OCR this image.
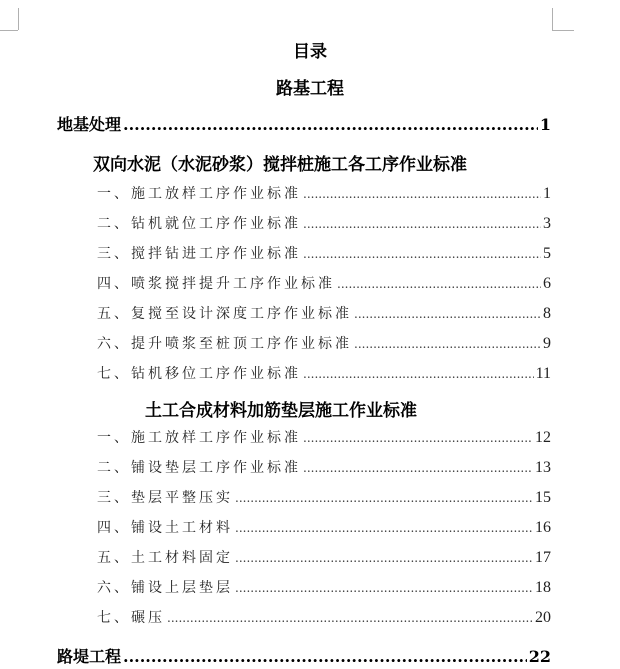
目录
路基工程
地基处理 .....	1
双向水泥（水泥砂浆）搅拌桩施工各工序作业标准
一、施工放样工序作业标准 .....	1
二、钻机就位工序作业标准 .....	3
三、搅拌钻进工序作业标准 .....	5
四、喷浆搅拌提升工序作业标准 .....	6
五、复搅至设计深度工序作业标准 .....	8
六、提升喷浆至桩顶工序作业标准 .....	9
七、钻机移位工序作业标准 .....	11
土工合成材料加筋垫层施工作业标准
一、施工放样工序作业标准 .....	12
二、铺设垫层工序作业标准 .....	13
三、垫层平整压实 .....	15
四、铺设土工材料 .....	16
五、土工材料固定 .....	17
六、铺设上层垫层 .....	18
七、碾压 .....	20
路堤工程 .....	22
